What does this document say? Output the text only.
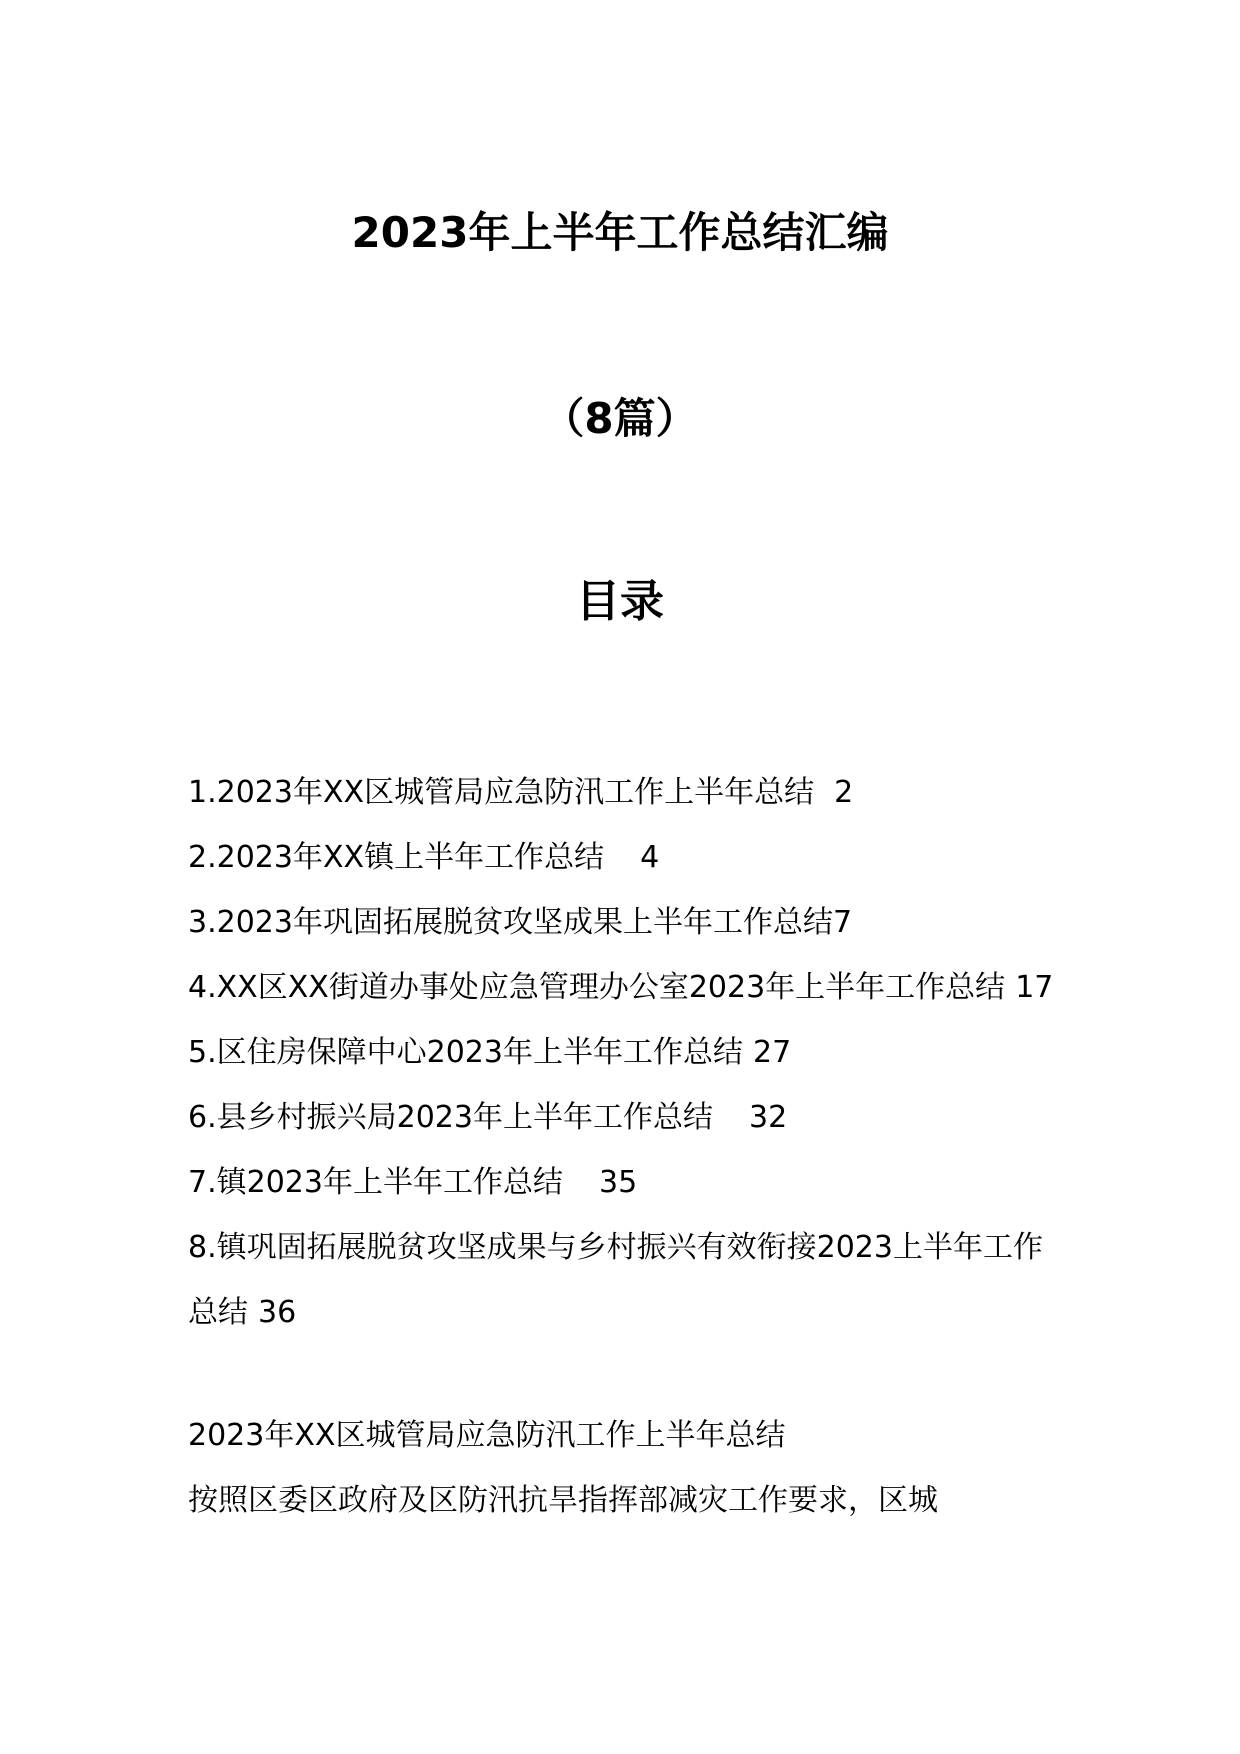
2023年上半年工作总结汇编
（8篇）
目录
1.2023年XX区城管局应急防汛工作上半年总结 2
2.2023年XX镇上半年工作总结 4
3.2023年巩固拓展脱贫攻坚成果上半年工作总结7
4.XX区XX街道办事处应急管理办公室2023年上半年工作总结 17
5.区住房保障中心2023年上半年工作总结 27
6.县乡村振兴局2023年上半年工作总结 32
7.镇2023年上半年工作总结 35
8.镇巩固拓展脱贫攻坚成果与乡村振兴有效衔接2023上半年工作总结 36

2023年XX区城管局应急防汛工作上半年总结

按照区委区政府及区防汛抗旱指挥部减灾工作要求，区城
